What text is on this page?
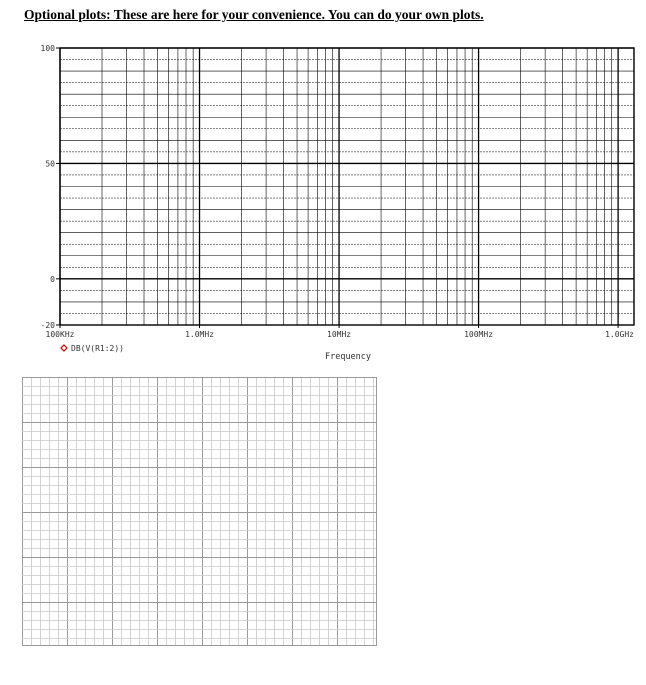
Optional plots: These are here for your convenience. You can do your own plots.
100
50
0
-20
100KHz	1.0MHz	10MHz	100MHz	1.0GHz
DB(V(R1:2))
Frequency
